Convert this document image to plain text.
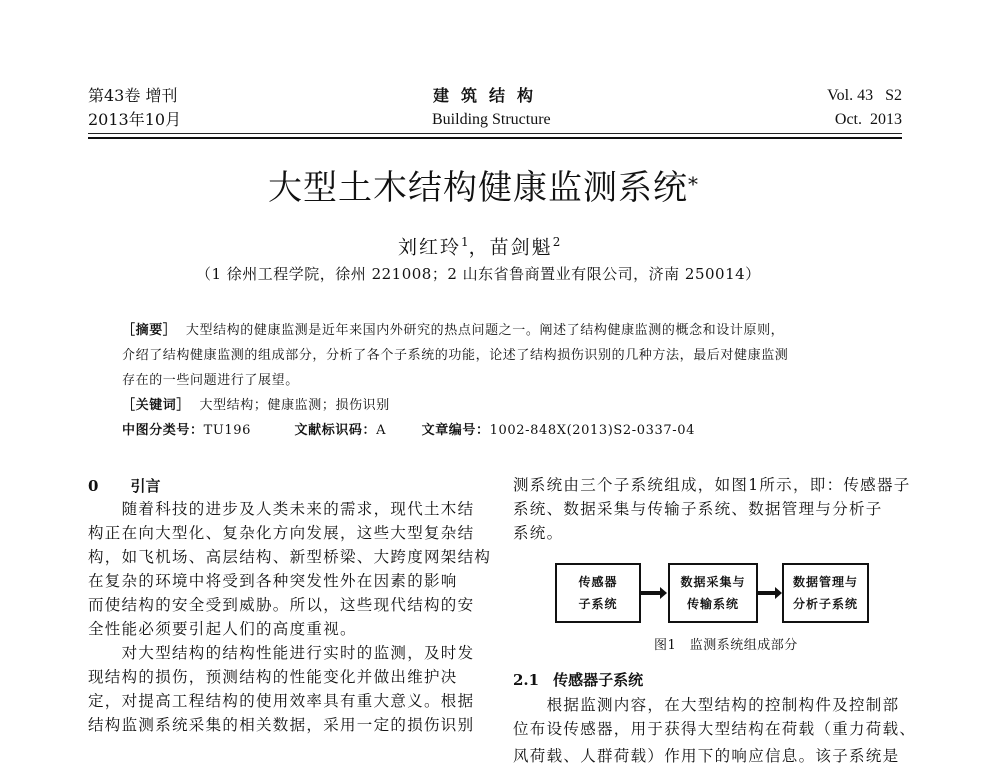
第43卷 增刊
2013年10月
建筑结构
Building Structure
Vol. 43   S2
Oct.  2013
大型土木结构健康监测系统*
刘红玲$^1$，苗剑魁$^2$
（1 徐州工程学院，徐州 221008；2 山东省鲁商置业有限公司，济南 250014）
［摘要］ 大型结构的健康监测是近年来国内外研究的热点问题之一。阐述了结构健康监测的概念和设计原则，
介绍了结构健康监测的组成部分，分析了各个子系统的功能，论述了结构损伤识别的几种方法，最后对健康监测
存在的一些问题进行了展望。
［关键词］ 大型结构；健康监测；损伤识别
中图分类号：TU196	文献标识码：A	文章编号：1002-848X(2013)S2-0337-04
0 引言
　　随着科技的进步及人类未来的需求，现代土木结
构正在向大型化、复杂化方向发展，这些大型复杂结
构，如飞机场、高层结构、新型桥梁、大跨度网架结构
在复杂的环境中将受到各种突发性外在因素的影响
而使结构的安全受到威胁。所以，这些现代结构的安
全性能必须要引起人们的高度重视。
　　对大型结构的结构性能进行实时的监测，及时发
现结构的损伤，预测结构的性能变化并做出维护决
定，对提高工程结构的使用效率具有重大意义。根据
结构监测系统采集的相关数据，采用一定的损伤识别
测系统由三个子系统组成，如图1所示，即：传感器子
系统、数据采集与传输子系统、数据管理与分析子
系统。
传感器
子系统
数据采集与
传输系统
数据管理与
分析子系统
图1　监测系统组成部分
2.1 传感器子系统
　　根据监测内容，在大型结构的控制构件及控制部
位布设传感器，用于获得大型结构在荷载（重力荷载、
风荷载、人群荷载）作用下的响应信息。该子系统是
